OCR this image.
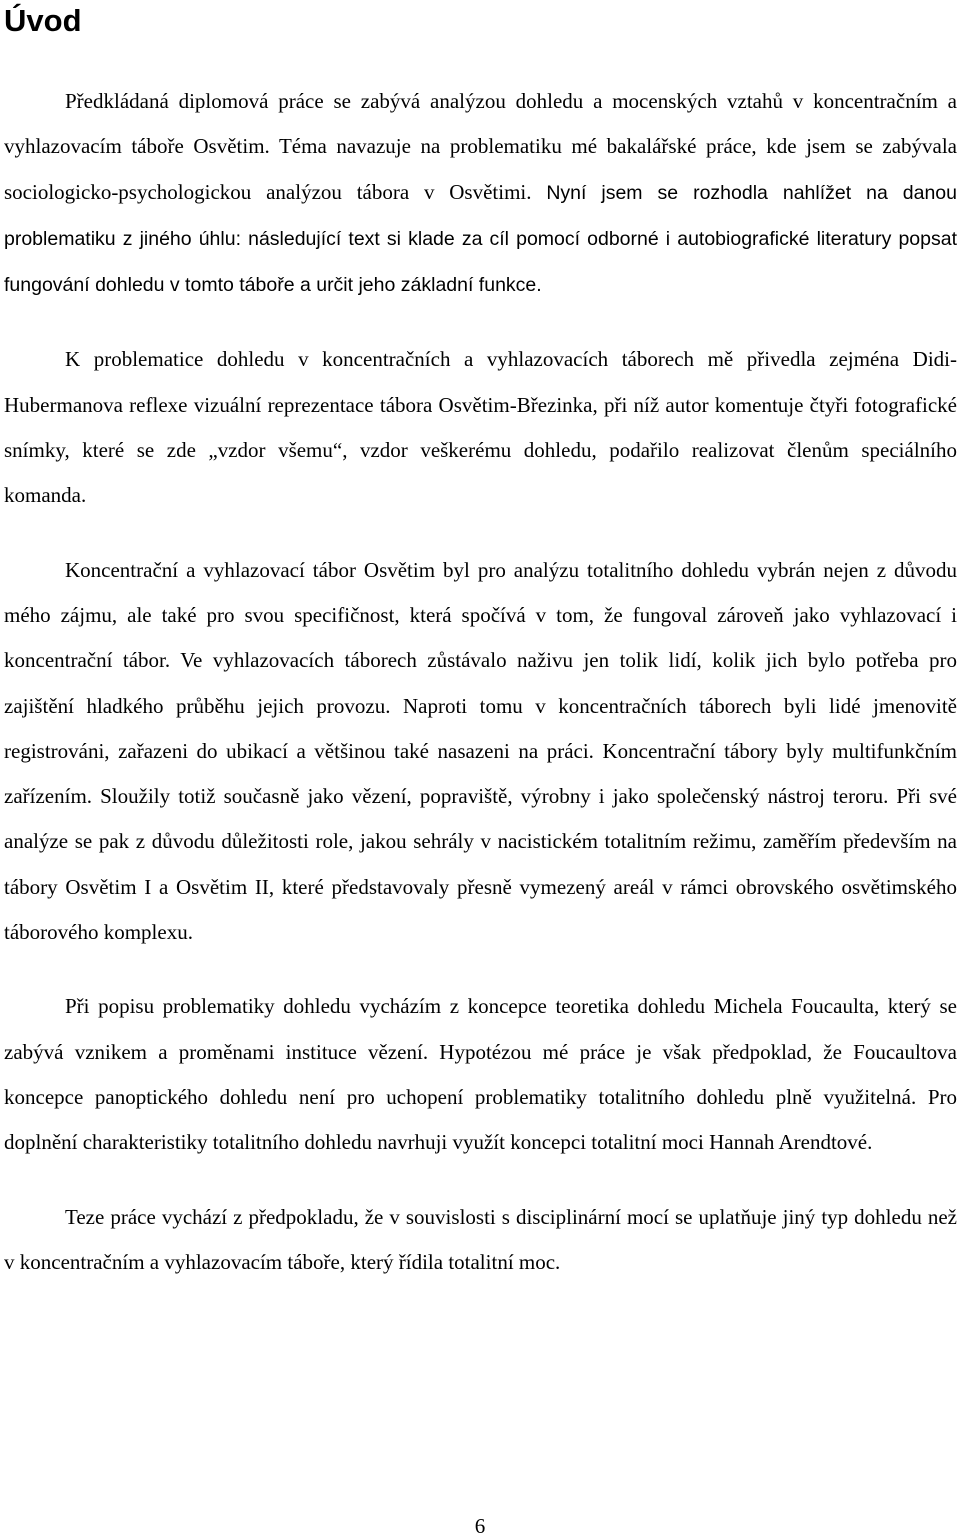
Úvod

Předkládaná diplomová práce se zabývá analýzou dohledu a mocenských vztahů v koncentračním a vyhlazovacím táboře Osvětim. Téma navazuje na problematiku mé bakalářské práce, kde jsem se zabývala sociologicko-psychologickou analýzou tábora v Osvětimi. Nyní jsem se rozhodla nahlížet na danou problematiku z jiného úhlu: následující text si klade za cíl pomocí odborné i autobiografické literatury popsat fungování dohledu v tomto táboře a určit jeho základní funkce.

K problematice dohledu v koncentračních a vyhlazovacích táborech mě přivedla zejména Didi-Hubermanova reflexe vizuální reprezentace tábora Osvětim-Březinka, při níž autor komentuje čtyři fotografické snímky, které se zde „vzdor všemu“, vzdor veškerému dohledu, podařilo realizovat členům speciálního komanda.

Koncentrační a vyhlazovací tábor Osvětim byl pro analýzu totalitního dohledu vybrán nejen z důvodu mého zájmu, ale také pro svou specifičnost, která spočívá v tom, že fungoval zároveň jako vyhlazovací i koncentrační tábor. Ve vyhlazovacích táborech zůstávalo naživu jen tolik lidí, kolik jich bylo potřeba pro zajištění hladkého průběhu jejich provozu. Naproti tomu v koncentračních táborech byli lidé jmenovitě registrováni, zařazeni do ubikací a většinou také nasazeni na práci. Koncentrační tábory byly multifunkčním zařízením. Sloužily totiž současně jako vězení, popraviště, výrobny i jako společenský nástroj teroru. Při své analýze se pak z důvodu důležitosti role, jakou sehrály v nacistickém totalitním režimu, zaměřím především na tábory Osvětim I a Osvětim II, které představovaly přesně vymezený areál v rámci obrovského osvětimského táborového komplexu.

Při popisu problematiky dohledu vycházím z koncepce teoretika dohledu Michela Foucaulta, který se zabývá vznikem a proměnami instituce vězení. Hypotézou mé práce je však předpoklad, že Foucaultova koncepce panoptického dohledu není pro uchopení problematiky totalitního dohledu plně využitelná. Pro doplnění charakteristiky totalitního dohledu navrhuji využít koncepci totalitní moci Hannah Arendtové.

Teze práce vychází z předpokladu, že v souvislosti s disciplinární mocí se uplatňuje jiný typ dohledu než v koncentračním a vyhlazovacím táboře, který řídila totalitní moc.

6
